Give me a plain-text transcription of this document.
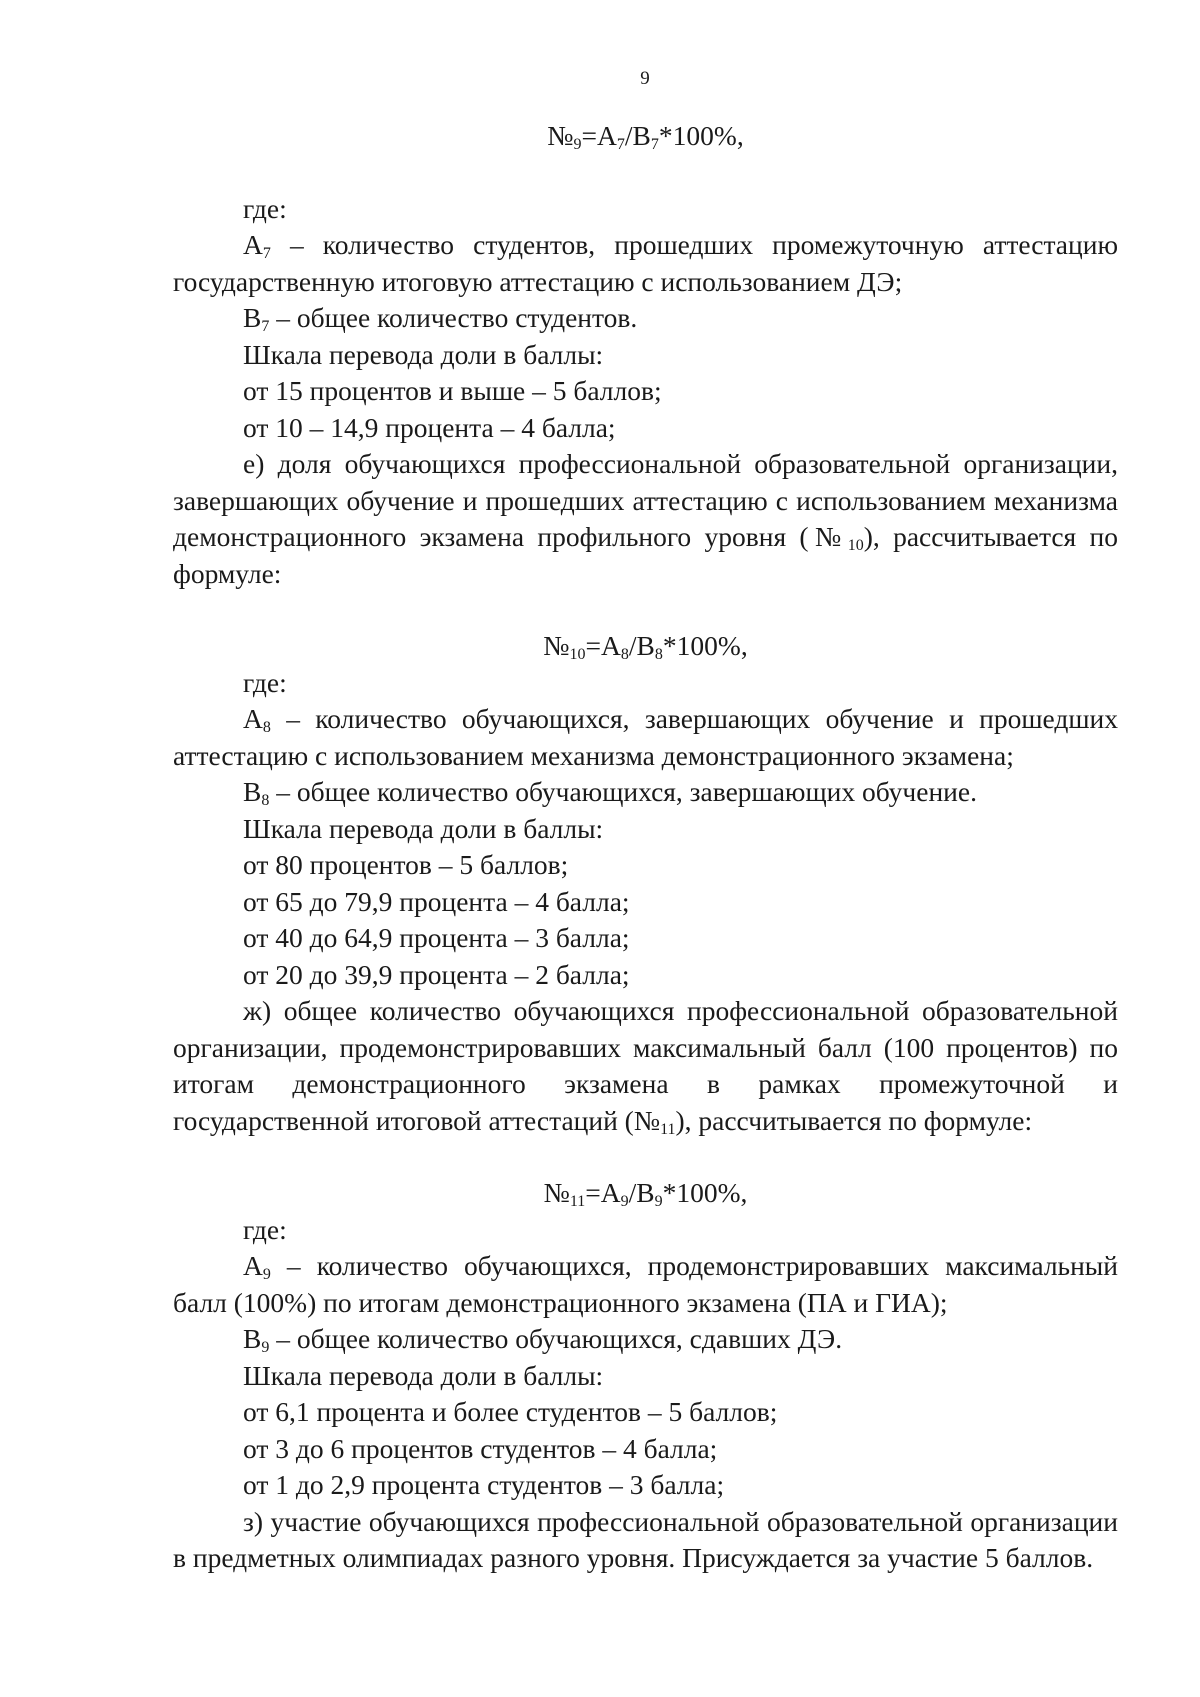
9

$№_9=A_7/B_7*100\%$,

где:

$A_7$ – количество студентов, прошедших промежуточную аттестацию государственную итоговую аттестацию с использованием ДЭ;

$B_7$ – общее количество студентов.

Шкала перевода доли в баллы:

от 15 процентов и выше – 5 баллов;

от 10 – 14,9 процента – 4 балла;

е) доля обучающихся профессиональной образовательной организации, завершающих обучение и прошедших аттестацию с использованием механизма демонстрационного экзамена профильного уровня $(№_{10})$, рассчитывается по формуле:

$№_{10}=A_8/B_8*100\%$,

где:

$A_8$ – количество обучающихся, завершающих обучение и прошедших аттестацию с использованием механизма демонстрационного экзамена;

$B_8$ – общее количество обучающихся, завершающих обучение.

Шкала перевода доли в баллы:

от 80 процентов – 5 баллов;

от 65 до 79,9 процента – 4 балла;

от 40 до 64,9 процента – 3 балла;

от 20 до 39,9 процента – 2 балла;

ж) общее количество обучающихся профессиональной образовательной организации, продемонстрировавших максимальный балл (100 процентов) по итогам демонстрационного экзамена в рамках промежуточной и государственной итоговой аттестаций $(№_{11})$, рассчитывается по формуле:

$№_{11}=A_9/B_9*100\%$,

где:

$A_9$ – количество обучающихся, продемонстрировавших максимальный балл (100%) по итогам демонстрационного экзамена (ПА и ГИА);

$B_9$ – общее количество обучающихся, сдавших ДЭ.

Шкала перевода доли в баллы:

от 6,1 процента и более студентов – 5 баллов;

от 3 до 6 процентов студентов – 4 балла;

от 1 до 2,9 процента студентов – 3 балла;

з) участие обучающихся профессиональной образовательной организации в предметных олимпиадах разного уровня. Присуждается за участие 5 баллов.
